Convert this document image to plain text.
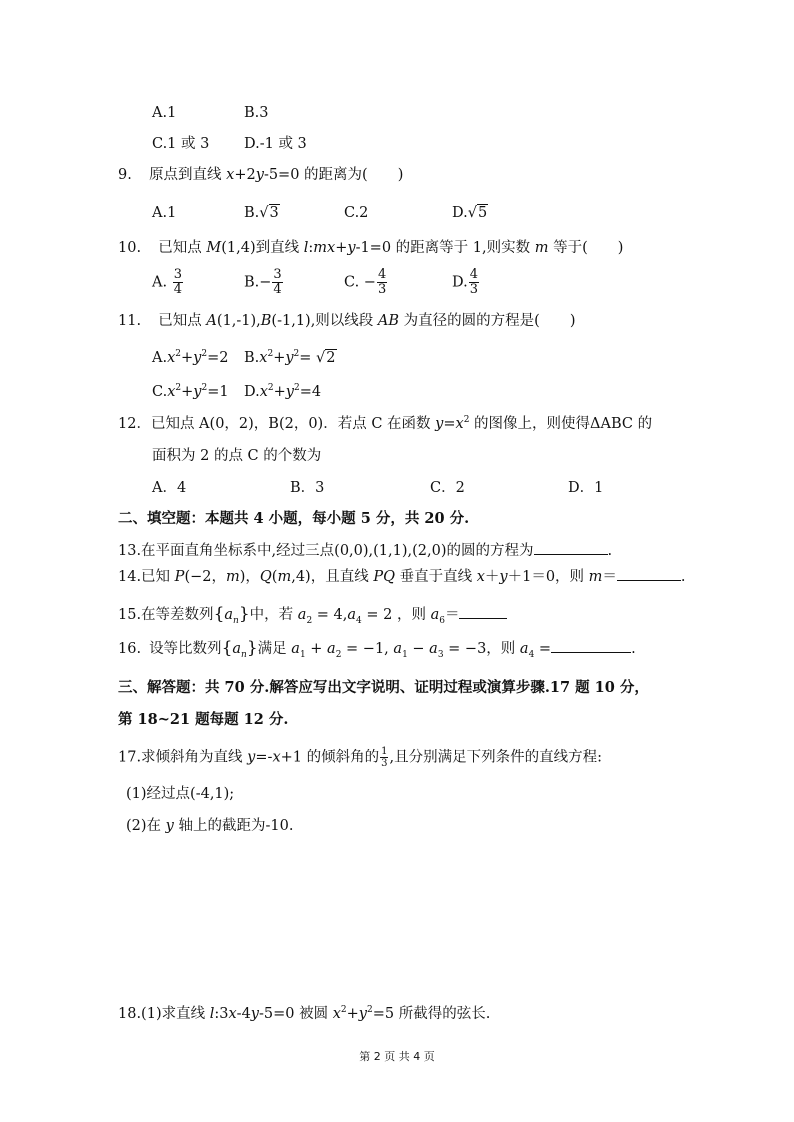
A.1	B.3
C.1 或 3 D.-1 或 3
9. 原点到直线 x+2y-5=0 的距离为( )
A.1	B.√3	C.2	D.√5
10. 已知点 M(1,4)到直线 l:mx+y-1=0 的距离等于 1,则实数 m 等于( )
A. $\frac{3}{4}$	$B.- \frac{3}{4}$	C. − $\frac{4}{3}$	D. $\frac{4}{3}$
11. 已知点 A(1,-1),B(-1,1),则以线段 AB 为直径的圆的方程是( )
$A.x^2+y^2=2$ $B.x^2+y^2= √2$
$C.x^2+y^2=1$ $D.x^2+y^2=4$
12．已知点 A(0，2)，B(2，0)．若点 C 在函数 $y=x^2$ 的图像上，则使得ΔABC 的
面积为 2 的点 C 的个数为
A．4	B．3	C．2	D．1
二、填空题：本题共 4 小题，每小题 5 分，共 20 分.
13.在平面直角坐标系中,经过三点(0,0),(1,1),(2,0)的圆的方程为	.
14.已知 P(−2，m)，Q(m,4)，且直线 PQ 垂直于直线 x＋y＋1＝0，则 m＝	.
15.在等差数列$\{a_n\}$中，若 $a_2 = 4,a_4 = 2$ ，则 $a_6=$
16. 设等比数列$\{a_n\}$满足 $a_1 + a_2 = -1$, $a_1 - a_3 = -3$，则 $a_4$ =	.
三、解答题：共 70 分.解答应写出文字说明、证明过程或演算步骤.17 题 10 分，
第 18~21 题每题 12 分.
17.求倾斜角为直线 y=-x+1 的倾斜角的 $\frac{1}{3}$ ,且分别满足下列条件的直线方程:
(1)经过点(-4,1);
(2)在 y 轴上的截距为-10.
18.(1)求直线 l:3x-4y-5=0 被圆 $x^2+y^2=5$ 所截得的弦长.
第 2 页 共 4 页
